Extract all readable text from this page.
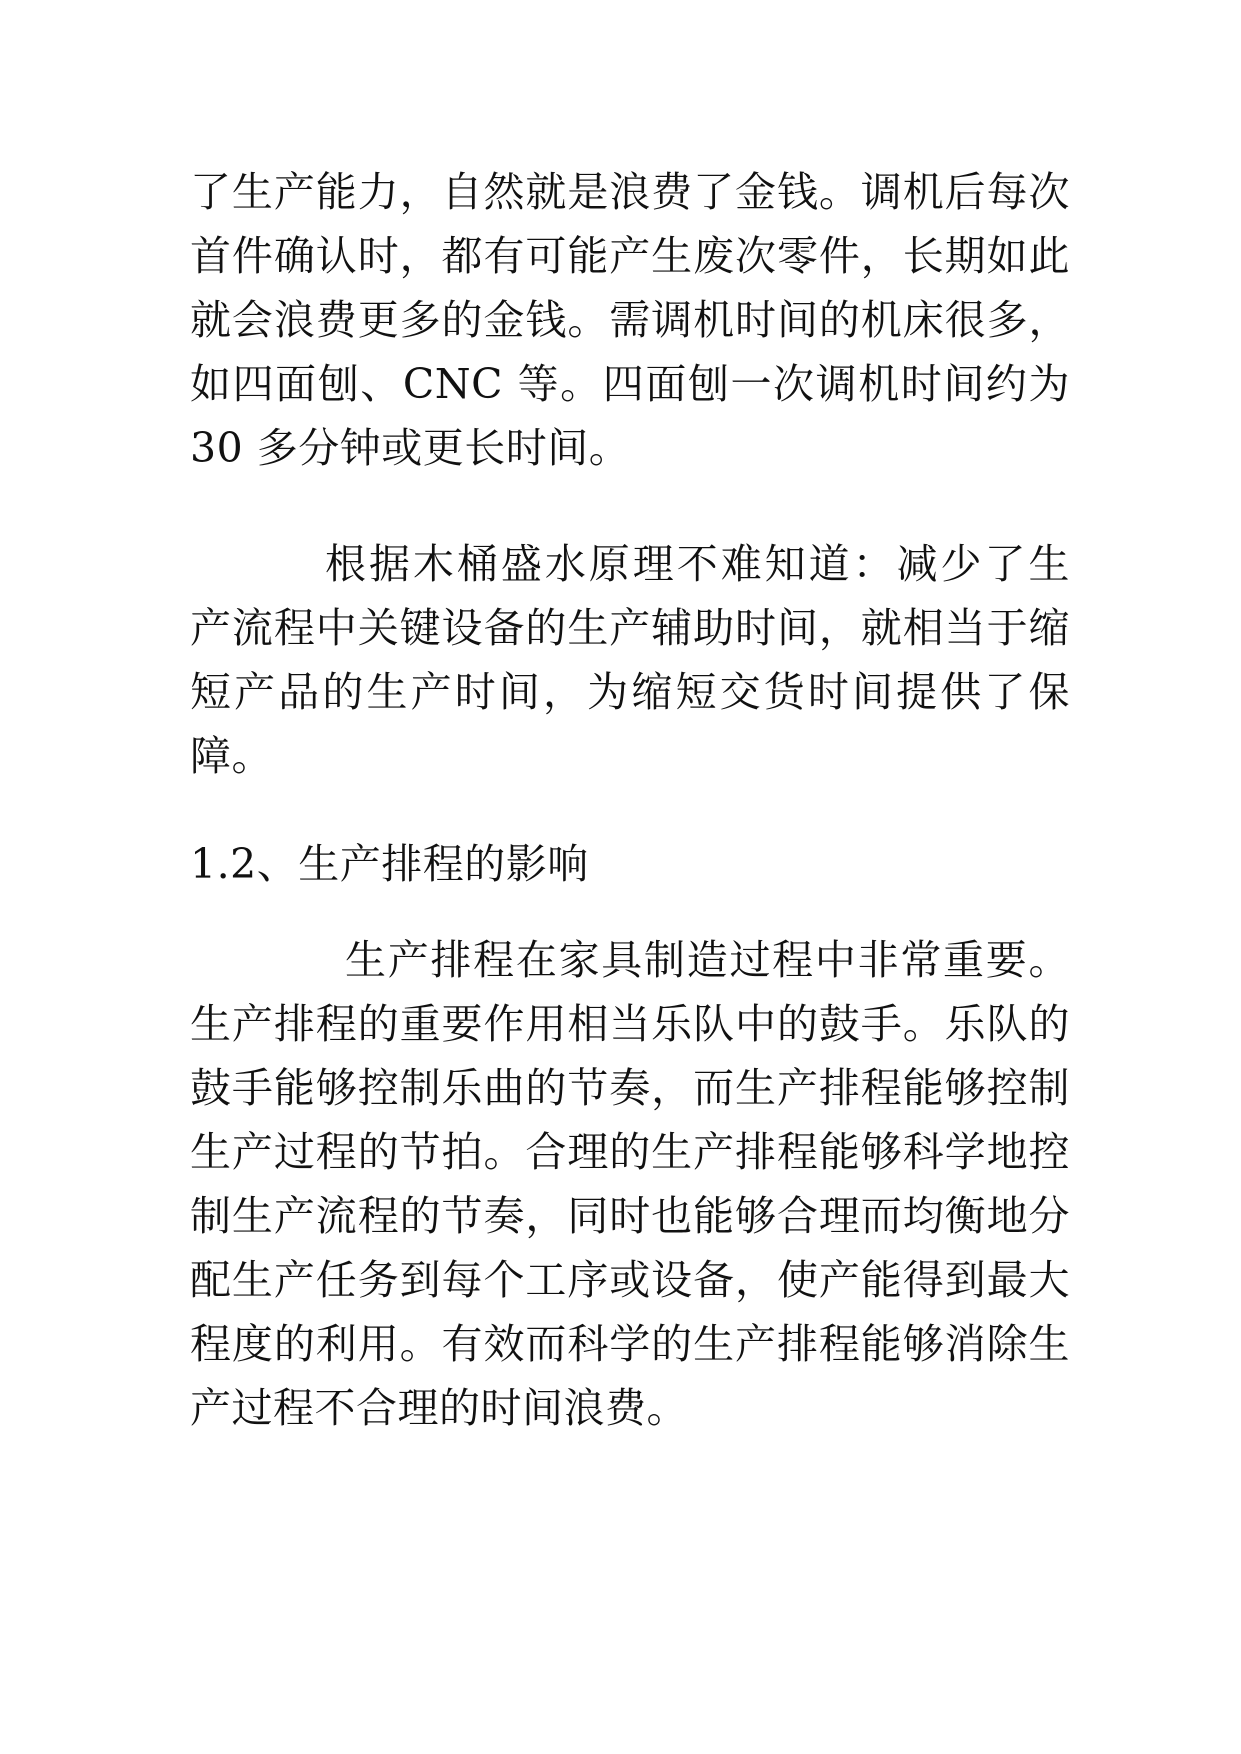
了生产能力，自然就是浪费了金钱。调机后每次首件确认时，都有可能产生废次零件，长期如此就会浪费更多的金钱。需调机时间的机床很多，如四面刨、CNC 等。四面刨一次调机时间约为 30 多分钟或更长时间。

根据木桶盛水原理不难知道：减少了生产流程中关键设备的生产辅助时间，就相当于缩短产品的生产时间，为缩短交货时间提供了保障。

1.2、生产排程的影响

生产排程在家具制造过程中非常重要。生产排程的重要作用相当乐队中的鼓手。乐队的鼓手能够控制乐曲的节奏，而生产排程能够控制生产过程的节拍。合理的生产排程能够科学地控制生产流程的节奏，同时也能够合理而均衡地分配生产任务到每个工序或设备，使产能得到最大程度的利用。有效而科学的生产排程能够消除生产过程不合理的时间浪费。
